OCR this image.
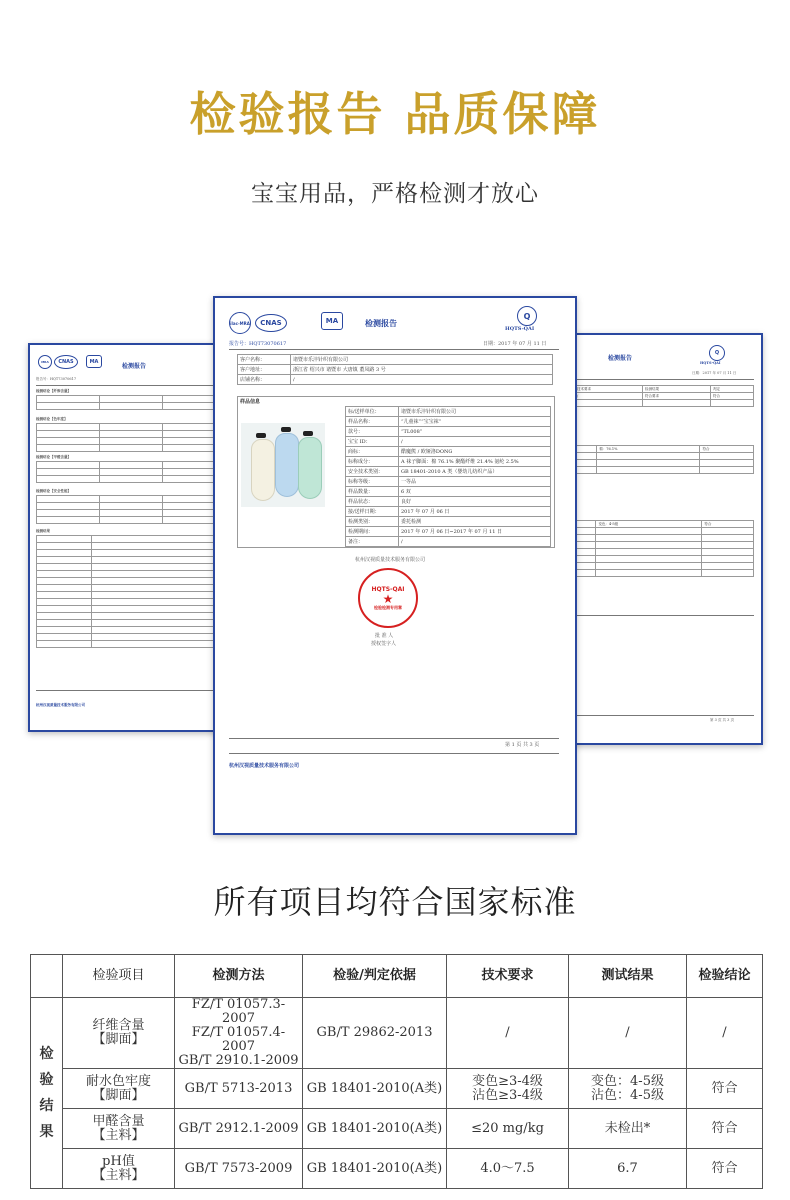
检验报告 品质保障
宝宝用品，严格检测才放心
MRA	CNAS	MA
检测报告
报告号：HQT73070617
检测结论【纤维含量】

检测结论【色牢度】

检测结论【甲醛含量】

检测结论【安全性能】

检测结果

杭州汉视质量技术服务有限公司
检测报告
Q
HQTS-QAI
日期：2017 年 07 月 11 日
技术要求	检测结果	判定
/	符合要求	符合

	棉：76.1%	符合

	变色：4-5级	符合

第 3 页 共 3 页
ilac-MRA	CNAS	MA	检测报告
Q
HQTS-QAI
报告号：HQT73070617	日期：2017 年 07 月 11 日
客户名称：	诸暨市乐沣针织有限公司
客户地址：	浙江省 绍兴市 诸暨市 大唐镇 董凤路 3 号
店铺名称：	/
样品信息
标/送样单位：	诸暨市乐沣针织有限公司
样品名称：	“儿童袜”“宝宝袜”
款号：	“TL008”
宝宝 ID：	/
商标：	酷魔熊 / 欧娅洛DONG
标称成分：	A 袜子脚面：棉 76.1% 聚酯纤维 21.4% 氨纶 2.5%
安全技术类别：	GB 18401-2010 A 类（婴幼儿纺织产品）
标称等级：	一等品
样品数量：	6 双
样品状态：	良好
接/送样日期：	2017 年 07 月 06 日
检测类别：	委托检测
检测期间：	2017 年 07 月 06 日~2017 年 07 月 11 日
备注：	/
杭州汉视质量技术服务有限公司
HQTS-QAI
★
检验检测专用章
批 准 人
授权签字人
第 1 页 共 3 页
杭州汉视质量技术服务有限公司
所有项目均符合国家标准
	检验项目	检测方法	检验/判定依据	技术要求	测试结果	检验结论

检
验
结
果	纤维含量
【脚面】	FZ/T 01057.3-2007
FZ/T 01057.4-2007
GB/T 2910.1-2009	GB/T 29862-2013	/	/	/

	耐水色牢度
【脚面】	GB/T 5713-2013	GB 18401-2010(A类)	变色≥3-4级
沾色≥3-4级	变色：4-5级
沾色：4-5级	符合

	甲醛含量
【主料】	GB/T 2912.1-2009	GB 18401-2010(A类)	≤20 mg/kg	未检出*	符合

	pH值
【主料】	GB/T 7573-2009	GB 18401-2010(A类)	4.0～7.5	6.7	符合
